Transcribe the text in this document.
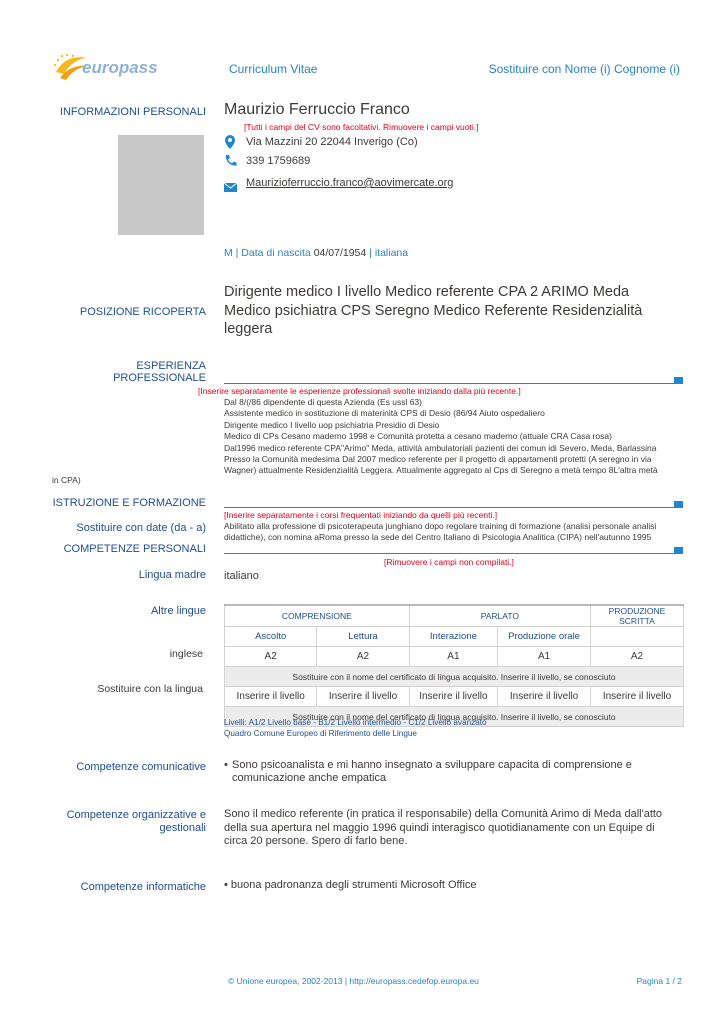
europass	Curriculum Vitae	Sostituire con Nome (i) Cognome (i)
INFORMAZIONI PERSONALI Maurizio Ferruccio Franco
[Tutti i campi del CV sono facoltativi. Rimuovere i campi vuoti.]
Via Mazzini 20 22044 Inverigo (Co)
339 1759689
Maurizioferruccio.franco@aovimercate.org
M | Data di nascita 04/07/1954 | italiana
POSIZIONE RICOPERTA
Dirigente medico I livello Medico referente CPA 2 ARIMO Meda Medico psichiatra CPS Seregno Medico Referente Residenzialità leggera
ESPERIENZA
PROFESSIONALE
[Inserire separatamente le esperienze professionali svolte iniziando dalla più recente.]
Dal 8/(/86 dipendente di questa Azienda (Es ussl 63)
Assistente medico in sostituzione di materinità CPS di Desio (86/94 Aiuto ospedaliero
Dirigente medico I livello uop psichiatria Presidio di Desio
Medico di CPs Cesano maderno 1998 e Comunità protetta a cesano maderno (attuale CRA Casa rosa)
Dal1996 medico referente CPA"Arimo" Meda, attività ambulatoriali pazienti dei comun idi Severo, Meda, Barlassina
Presso la Comunità medesima Dal 2007 medico referente per il progetto di appartamenti protetti (A seregno in via
Wagner) attualmente Residenzialità Leggera. Attualmente aggregato al Cps di Seregno a metà tempo 8L'altra metà
in CPA)
ISTRUZIONE E FORMAZIONE
[Inserire separatamente i corsi frequentati iniziando da quelli più recenti.]
Sostituire con date (da - a) Abilitato alla professione di psicoterapeuta junghiano dopo regolare training di formazione (analisi personale analisi
didattiche), con nomina aRoma presso la sede del Centro Italiano di Psicologia Analitica (CIPA) nell'autunno 1995
COMPETENZE PERSONALI
[Rimuovere i campi non compilati.]
Lingua madre italiano
Altre lingue	COMPRENSIONE		PARLATO		PRODUZIONE SCRITTA
Ascolto	Lettura	Interazione	Produzione orale	
A2	A2	A1	A1	A2
Sostituire con il nome del certificato di lingua acquisito. Inserire il livello, se conosciuto				
Inserire il livello	Inserire il livello	Inserire il livello	Inserire il livello	Inserire il livello
Sostituire con il nome del certificato di lingua acquisito. Inserire il livello, se conosciuto				
inglese
Sostituire con la lingua
Livelli: A1/2 Livello base - B1/2 Livello intermedio - C1/2 Livello avanzato
Quadro Comune Europeo di Riferimento delle Lingue
Competenze comunicative • Sono psicoanalista e mi hanno insegnato a sviluppare capacita di comprensione e comunicazione anche empatica
Competenze organizzative e
gestionali
Sono il medico referente (in pratica il responsabile) della Comunità Arimo di Meda dall'atto della sua apertura nel maggio 1996 quindi interagisco quotidianamente con un Equipe di circa 20 persone. Spero di farlo bene.
Competenze informatiche • buona padronanza degli strumenti Microsoft Office
© Unione europea, 2002-2013 | http://europass.cedefop.europa.eu	Pagina 1 / 2
